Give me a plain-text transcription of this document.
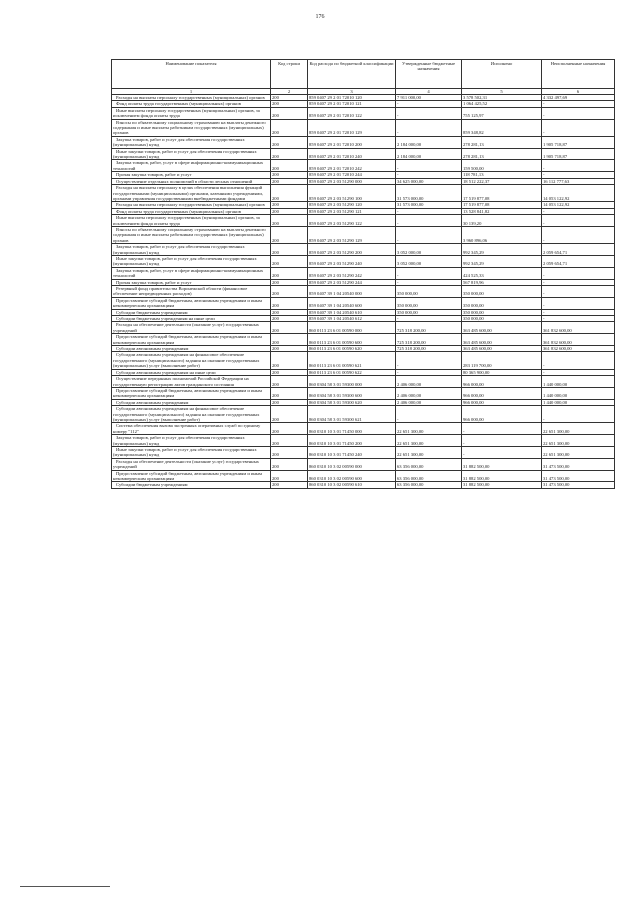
176
Наименование показателя	Код строки	Код расхода по бюджетной классификации	Утвержденные бюджетные назначения	Исполнено	Неисполненные назначения
1	2	3	4	5	6
Расходы на выплаты персоналу государственных (муниципальных) органов	200	859 0407 29 2 01 72010 120	7 911 000,00	3 578 502,31	4 332 497,69
Фонд оплаты труда государственных (муниципальных) органов	200	859 0407 29 2 01 72010 121	-	1 064 425,52	-
Иные выплаты персоналу государственных (муниципальных) органов, за исключением фонда оплаты труда	200	859 0407 29 2 01 72010 122	-	755 125,97	-
Взносы по обязательному социальному страхованию на выплаты денежного содержания и иные выплаты работникам государственных (муниципальных) органов	200	859 0407 29 2 01 72010 129	-	859 348,82	-
Закупка товаров, работ и услуг для обеспечения государственных (муниципальных) нужд	200	859 0407 29 2 01 72010 200	2 184 000,00	278 281,13	1 905 718,87
Иные закупки товаров, работ и услуг для обеспечения государственных (муниципальных) нужд	200	859 0407 29 2 01 72010 240	2 184 000,00	278 281,13	1 905 718,87
Закупка товаров, работ, услуг в сфере информационно-коммуникационных технологий	200	859 0407 29 2 01 72010 242	-	159 500,00	-
Прочая закупка товаров, работ и услуг	200	859 0407 29 2 01 72010 244	-	118 781,13	-
Осуществление отдельных полномочий в области лесных отношений	200	859 0407 29 2 03 51290 000	34 625 000,00	18 512 222,37	16 112 777,63
Расходы на выплаты персоналу в целях обеспечения выполнения функций государственными (муниципальными) органами, казенными учреждениями, органами управления государственными внебюджетными фондами	200	859 0407 29 2 03 51290 100	31 573 000,00	17 519 877,08	14 053 122,92
Расходы на выплаты персоналу государственных (муниципальных) органов	200	859 0407 29 2 03 51290 120	31 573 000,00	17 519 877,08	14 053 122,92
Фонд оплаты труда государственных (муниципальных) органов	200	859 0407 29 2 03 51290 121	-	13 528 841,82	-
Иные выплаты персоналу государственных (муниципальных) органов, за исключением фонда оплаты труда	200	859 0407 29 2 03 51290 122	-	30 139,20	-
Взносы по обязательному социальному страхованию на выплаты денежного содержания и иные выплаты работникам государственных (муниципальных) органов	200	859 0407 29 2 03 51290 129	-	3 960 896,06	-
Закупка товаров, работ и услуг для обеспечения государственных (муниципальных) нужд	200	859 0407 29 2 03 51290 200	3 052 000,00	992 345,29	2 059 654,71
Иные закупки товаров, работ и услуг для обеспечения государственных (муниципальных) нужд	200	859 0407 29 2 03 51290 240	3 052 000,00	992 345,29	2 059 654,71
Закупка товаров, работ, услуг в сфере информационно-коммуникационных технологий	200	859 0407 29 2 03 51290 242	-	424 525,33	-
Прочая закупка товаров, работ и услуг	200	859 0407 29 2 03 51290 244	-	567 819,96	-
Резервный фонд правительства Воронежской области (финансовое обеспечение непредвиденных расходов)	200	859 0407 39 1 04 20540 000	350 000,00	350 000,00	-
Предоставление субсидий бюджетным, автономным учреждениям и иным некоммерческим организациям	200	859 0407 39 1 04 20540 600	350 000,00	350 000,00	-
Субсидии бюджетным учреждениям	200	859 0407 39 1 04 20540 610	350 000,00	350 000,00	-
Субсидии бюджетным учреждениям на иные цели	200	859 0407 39 1 04 20540 612	-	350 000,00	-
Расходы на обеспечение деятельности (оказание услуг) государственных учреждений	200	860 0113 23 6 01 00590 000	725 318 200,00	363 485 600,00	361 832 600,00
Предоставление субсидий бюджетным, автономным учреждениям и иным некоммерческим организациям	200	860 0113 23 6 01 00590 600	725 318 200,00	363 485 600,00	361 832 600,00
Субсидии автономным учреждениям	200	860 0113 23 6 01 00590 620	725 318 200,00	363 485 600,00	361 832 600,00
Субсидии автономным учреждениям на финансовое обеспечение государственного (муниципального) задания на оказание государственных (муниципальных) услуг (выполнение работ)	200	860 0113 23 6 01 00590 621	-	283 119 700,00	-
Субсидии автономным учреждениям на иные цели	200	860 0113 23 6 01 00590 622	-	80 365 900,00	-
Осуществление переданных полномочий Российской Федерации на государственную регистрацию актов гражданского состояния	200	860 0304 58 3 01 59300 000	2 406 000,00	966 000,00	1 440 000,00
Предоставление субсидий бюджетным, автономным учреждениям и иным некоммерческим организациям	200	860 0304 58 3 01 59300 600	2 406 000,00	966 000,00	1 440 000,00
Субсидии автономным учреждениям	200	860 0304 58 3 01 59300 620	2 406 000,00	966 000,00	1 440 000,00
Субсидии автономным учреждениям на финансовое обеспечение государственного (муниципального) задания на оказание государственных (муниципальных) услуг (выполнение работ)	200	860 0304 58 3 01 59300 621	-	966 000,00	-
Система обеспечения вызова экстренных оперативных служб по единому номеру "112"	200	860 0310 10 3 01 71450 000	22 651 300,00	-	22 651 300,00
Закупка товаров, работ и услуг для обеспечения государственных (муниципальных) нужд	200	860 0310 10 3 01 71450 200	22 651 300,00	-	22 651 300,00
Иные закупки товаров, работ и услуг для обеспечения государственных (муниципальных) нужд	200	860 0310 10 3 01 71450 240	22 651 300,00	-	22 651 300,00
Расходы на обеспечение деятельности (оказание услуг) государственных учреждений	200	860 0310 10 3 02 00590 000	63 356 000,00	31 882 500,00	31 473 500,00
Предоставление субсидий бюджетным, автономным учреждениям и иным некоммерческим организациям	200	860 0310 10 3 02 00590 600	63 356 000,00	31 882 500,00	31 473 500,00
Субсидии бюджетным учреждениям	200	860 0310 10 3 02 00590 610	63 356 000,00	31 882 500,00	31 473 500,00
